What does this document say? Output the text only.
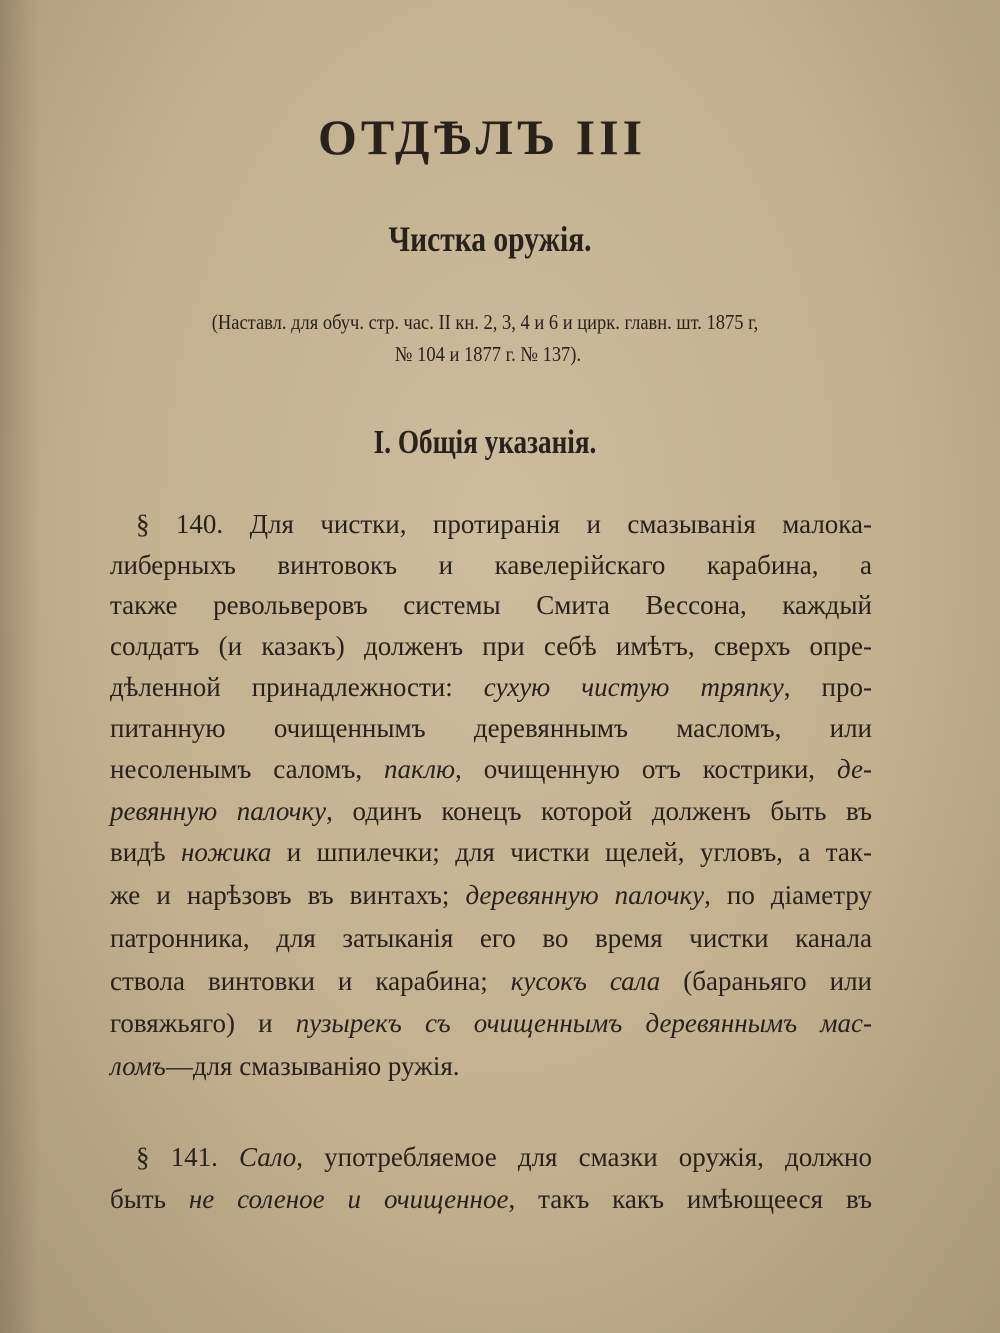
ОТДѢЛЪ III
Чистка оружія.
(Наставл. для обуч. стр. час. II кн. 2, 3, 4 и 6 и цирк. главн. шт. 1875 г,
№ 104 и 1877 г. № 137).
I. Общія указанія.
§ 140. Для чистки, протиранія и смазыванія малока-
либерныхъ винтовокъ и кавелерійскаго карабина, а
также револьверовъ системы Смита Вессона, каждый
солдатъ (и казакъ) долженъ при себѣ имѣтъ, сверхъ опре-
дѣленной принадлежности: сухую чистую тряпку, про-
питанную очищеннымъ деревяннымъ масломъ, или
несоленымъ саломъ, паклю, очищенную отъ кострики, де-
ревянную палочку, одинъ конецъ которой долженъ быть въ
видѣ ножика и шпилечки; для чистки щелей, угловъ, а так-
же и нарѣзовъ въ винтахъ; деревянную палочку, по діаметру
патронника, для затыканія его во время чистки канала
ствола винтовки и карабина; кусокъ сала (бараньяго или
говяжьяго) и пузырекъ съ очищеннымъ деревяннымъ мас-
ломъ—для смазываніяо ружія.
§ 141. Сало, употребляемое для смазки оружія, должно
быть не соленое и очищенное, такъ какъ имѣющееся въ
